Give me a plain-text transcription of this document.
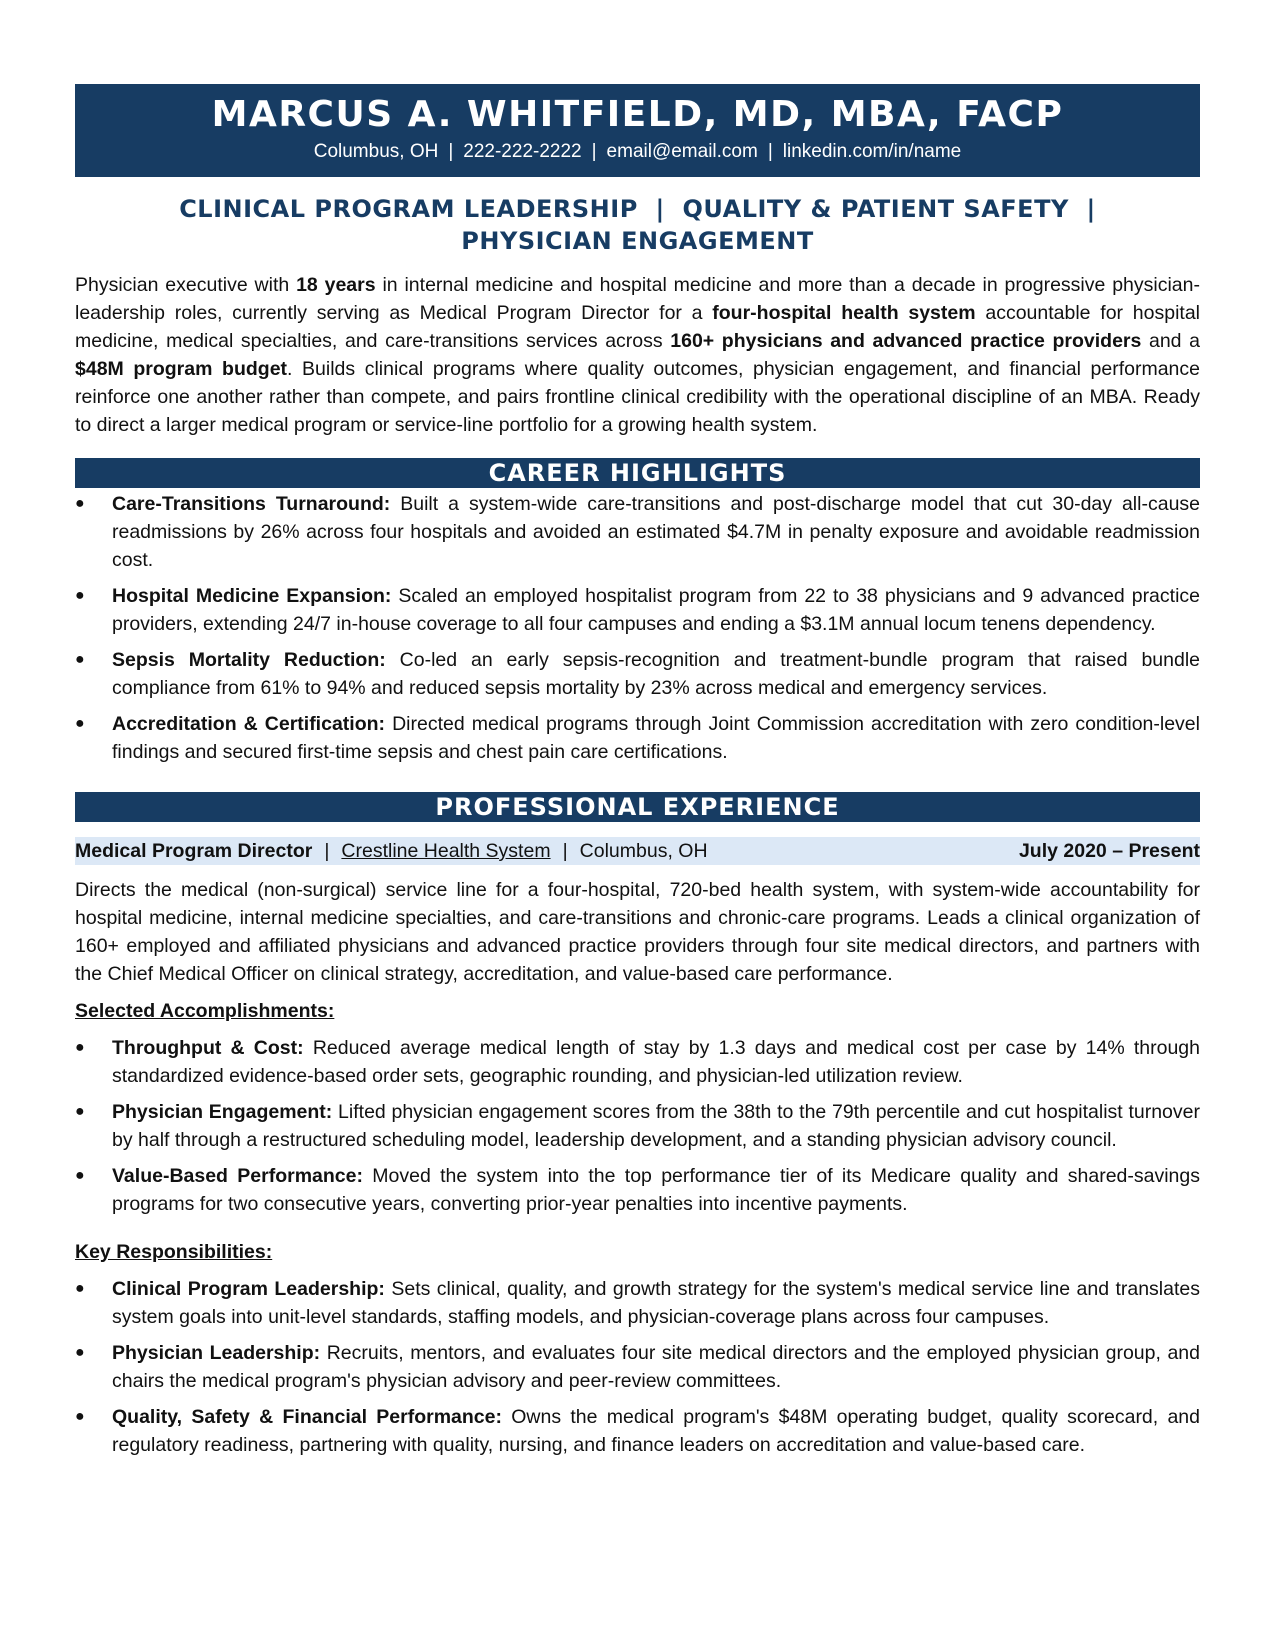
MARCUS A. WHITFIELD, MD, MBA, FACP
Columbus, OH | 222-222-2222 | email@email.com | linkedin.com/in/name
CLINICAL PROGRAM LEADERSHIP  |  QUALITY & PATIENT SAFETY  |
PHYSICIAN ENGAGEMENT
Physician executive with 18 years in internal medicine and hospital medicine and more than a decade in progressive physician-leadership roles, currently serving as Medical Program Director for a four-hospital health system accountable for hospital medicine, medical specialties, and care-transitions services across 160+ physicians and advanced practice providers and a $48M program budget. Builds clinical programs where quality outcomes, physician engagement, and financial performance reinforce one another rather than compete, and pairs frontline clinical credibility with the operational discipline of an MBA. Ready to direct a larger medical program or service-line portfolio for a growing health system.
CAREER HIGHLIGHTS
● Care-Transitions Turnaround: Built a system-wide care-transitions and post-discharge model that cut 30-day all-cause readmissions by 26% across four hospitals and avoided an estimated $4.7M in penalty exposure and avoidable readmission cost.
● Hospital Medicine Expansion: Scaled an employed hospitalist program from 22 to 38 physicians and 9 advanced practice providers, extending 24/7 in-house coverage to all four campuses and ending a $3.1M annual locum tenens dependency.
● Sepsis Mortality Reduction: Co-led an early sepsis-recognition and treatment-bundle program that raised bundle compliance from 61% to 94% and reduced sepsis mortality by 23% across medical and emergency services.
● Accreditation & Certification: Directed medical programs through Joint Commission accreditation with zero condition-level findings and secured first-time sepsis and chest pain care certifications.
PROFESSIONAL EXPERIENCE
Medical Program Director | Crestline Health System | Columbus, OH	July 2020 – Present
Directs the medical (non-surgical) service line for a four-hospital, 720-bed health system, with system-wide accountability for hospital medicine, internal medicine specialties, and care-transitions and chronic-care programs. Leads a clinical organization of 160+ employed and affiliated physicians and advanced practice providers through four site medical directors, and partners with the Chief Medical Officer on clinical strategy, accreditation, and value-based care performance.
Selected Accomplishments:
● Throughput & Cost: Reduced average medical length of stay by 1.3 days and medical cost per case by 14% through standardized evidence-based order sets, geographic rounding, and physician-led utilization review.
● Physician Engagement: Lifted physician engagement scores from the 38th to the 79th percentile and cut hospitalist turnover by half through a restructured scheduling model, leadership development, and a standing physician advisory council.
● Value-Based Performance: Moved the system into the top performance tier of its Medicare quality and shared-savings programs for two consecutive years, converting prior-year penalties into incentive payments.
Key Responsibilities:
● Clinical Program Leadership: Sets clinical, quality, and growth strategy for the system's medical service line and translates system goals into unit-level standards, staffing models, and physician-coverage plans across four campuses.
● Physician Leadership: Recruits, mentors, and evaluates four site medical directors and the employed physician group, and chairs the medical program's physician advisory and peer-review committees.
● Quality, Safety & Financial Performance: Owns the medical program's $48M operating budget, quality scorecard, and regulatory readiness, partnering with quality, nursing, and finance leaders on accreditation and value-based care.
